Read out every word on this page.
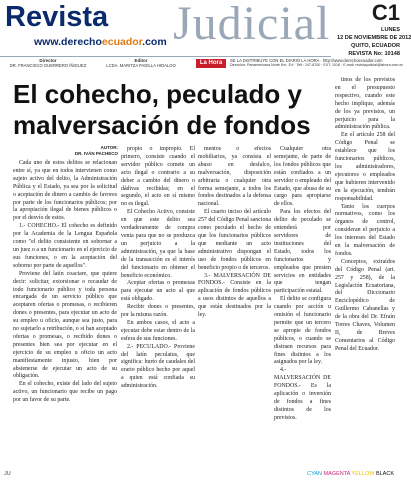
Revista
www.derechoecuador.com Judicial	C1
LUNES
12 DE NOVIEMBRE DE 2012
QUITO, ECUADOR
REVISTA No: 10148
Director
DR. FRANCISCO GUERRERO ÍÑIGUEZ
Editor
LCDA. MARITZA PADILLA HIDALGO	La Hora	SE LA DISTRIBUYE CON EL DIARIO LA HORA · http://www.derechoecuador.com
Dirección: Panamericana Norte Km. 3½ · Telf.: 247-8700 · EXT. 1016 · E-mail: revistajudicial@lahora.com.ec
El cohecho, peculado y
malversación de fondos
AUTOR:
DR. IVÁN PACHECO

Cada uno de estos delitos se relacionan entre sí, ya que en todos intervienen como sujeto activo del delito, la Administración Pública y el Estado, ya sea por la solicitud o aceptación de dinero a cambio de favores por parte de los funcionarios públicos; por la apropiación ilegal de bienes públicos o por el desvío de estos.

1.- COHECHO.- El cohecho es definido por la Academia de la Lengua Española como "el delito consistente en sobornar a un juez o a un funcionario en el ejercicio de sus funciones, o en la aceptación del soborno por parte de aquellos".

Proviene del latín coactare, que quiere decir: solicitar, extorsionar o recaudar de todo funcionario público y toda persona encargada de un servicio público que aceptaren ofertas o promesas, o recibieren dones o presentes, para ejecutar un acto de su empleo u oficio, aunque sea justo, para no sujetarlo a retribución, o si han aceptado ofertas o promesas, o recibido dones o presentes bien sea por ejecutar en el ejercicio de su empleo u oficio un acto manifiestamente injusto, bien por abstenerse de ejecutar un acto de su obligación.

En el cohecho, existe del lado del sujeto activo, un funcionario que recibe un pago por un favor de su parte.

propio o impropio. El primero, consiste cuando el servidor público comete un acto ilegal o contrario a su deber a cambio del dinero o dádivas recibidas; en el segundo, el acto en sí mismo no es ilegal.

El Cohecho Activo, consiste en que este delito sea verdaderamente de compra venta para que no se produzca un perjuicio a la administración, ya que la base de la transacción es el interés del funcionario en obtener el beneficio económico.

Aceptar ofertas o promesas para ejecutar un acto al que está obligado.

Recibir dones o presentes, por la misma razón.

En ambos casos, el acto a ejecutar debe estar dentro de la esfera de sus funciones.

2.- PECULADO.- Proviene del latín peculatus, que significa: hurto de caudales del erario público hecho por aquel a quien está confiada su administración.

mentos o efectos mobiliarios, ya consista el abuso en desfalco, malversación, disposición arbitraria o cualquier otra forma semejante, a todos los fondos destinados a la defensa nacional.

El cuarto inciso del artículo 257 del Código Penal sanciona como peculado el hecho de que los funcionarios públicos que mediante un acto administrativo dispongan el uso de fondos públicos en beneficio propio o de terceros.

3.- MALVERSACIÓN DE FONDOS.- Consiste en la aplicación de fondos públicos a usos distintos de aquellos a que están destinados por la ley.

Cualquier otra semejante, de parte de los fondos públicos que están confiados a un servidor o empleado del Estado, que abusa de su cargo para apropiarse de ellos.

Para los efectos del delito de peculado se entenderá por servidores de instituciones del Estado, todos los funcionarios y empleados que presten servicios en entidades que tengan participación estatal.

El delito se configura cuando por acción u omisión el funcionario permite que un tercero se apropie de fondos públicos, o cuando se distraen recursos para fines distintos a los asignados por la ley.

4.- MALVERSACIÓN DE FONDOS.- Es la aplicación o inversión de fondos a fines distintos de los previstos.

tinos de los previstos en el presupuesto respectivo, cuando este hecho implique, además de los ya previstos, un perjuicio para la administración pública.

En el artículo 258 del Código Penal se establece que los funcionarios públicos, los administradores, ejecutores o empleados que hubieren intervenido en la ejecución, tendrán responsabilidad.

Tanto los cuerpos normativos, como los órganos de control, consideran el perjuicio a los intereses del Estado en la malversación de fondos.

Conceptos, extraídos del Código Penal (art. 257 y 258), de la Legislación Ecuatoriana, del Diccionario Enciclopédico de Guillermo Cabanellas y de la obra del Dr. Efraín Torres Chaves, Volumen II, de Breves Comentarios al Código Penal del Ecuador.

JU	CYAN MAGENTA YELLOW BLACK
